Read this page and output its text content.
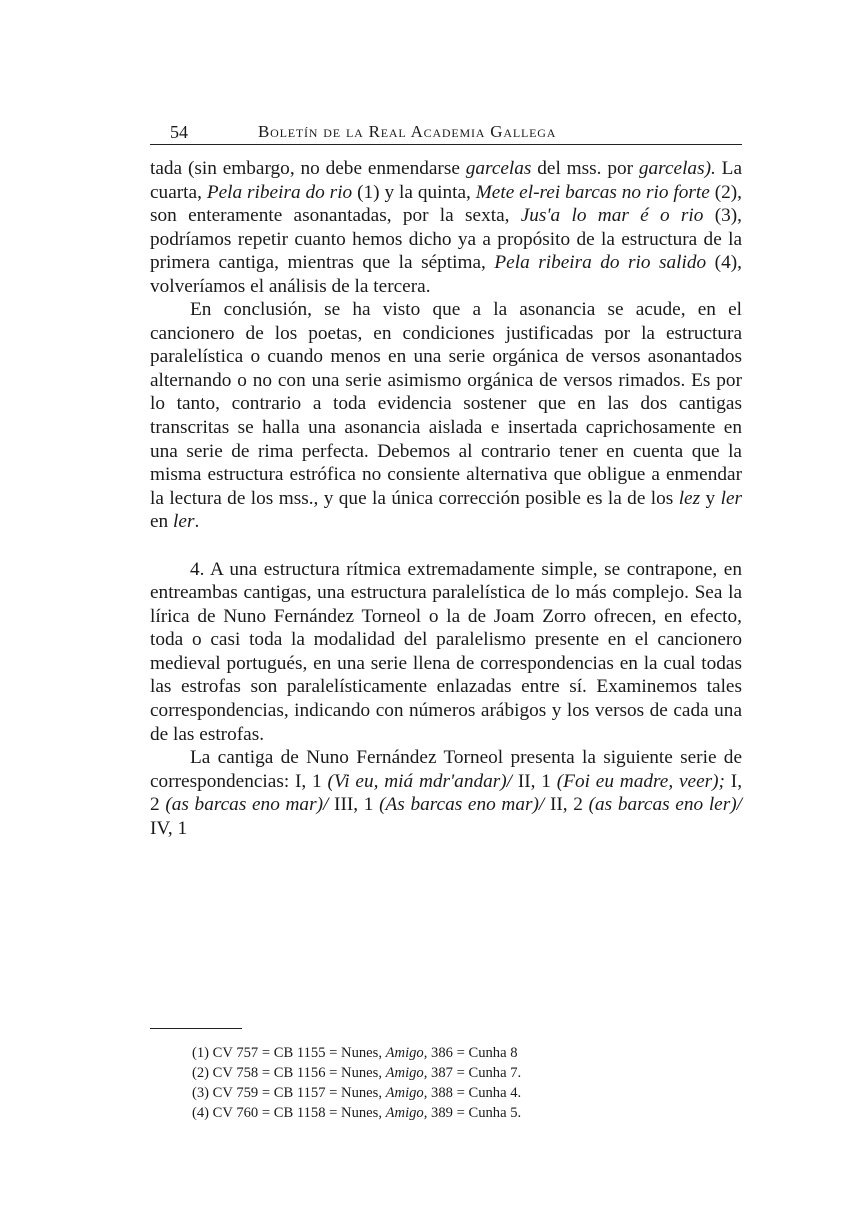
54	Boletín de la Real Academia Gallega

tada (sin embargo, no debe enmendarse garcelas del mss. por garcelas). La cuarta, Pela ribeira do rio (1) y la quinta, Mete el-rei barcas no rio forte (2), son enteramente asonantadas, por la sexta, Jus'a lo mar é o rio (3), podríamos repetir cuanto hemos dicho ya a propósito de la estructura de la primera cantiga, mientras que la séptima, Pela ribeira do rio salido (4), volveríamos el análisis de la tercera.

En conclusión, se ha visto que a la asonancia se acude, en el cancionero de los poetas, en condiciones justificadas por la estructura paralelística o cuando menos en una serie orgánica de versos asonantados alternando o no con una serie asimismo orgánica de versos rimados. Es por lo tanto, contrario a toda evidencia sostener que en las dos cantigas transcritas se halla una asonancia aislada e insertada caprichosamente en una serie de rima perfecta. Debemos al contrario tener en cuenta que la misma estructura estrófica no consiente alternativa que obligue a enmendar la lectura de los mss., y que la única corrección posible es la de los lez y ler en ler.

4. A una estructura rítmica extremadamente simple, se contrapone, en entreambas cantigas, una estructura paralelística de lo más complejo. Sea la lírica de Nuno Fernández Torneol o la de Joam Zorro ofrecen, en efecto, toda o casi toda la modalidad del paralelismo presente en el cancionero medieval portugués, en una serie llena de correspondencias en la cual todas las estrofas son paralelísticamente enlazadas entre sí. Examinemos tales correspondencias, indicando con números arábigos y los versos de cada una de las estrofas.

La cantiga de Nuno Fernández Torneol presenta la siguiente serie de correspondencias: I, 1 (Vi eu, miá mdr'andar)/ II, 1 (Foi eu madre, veer); I, 2 (as barcas eno mar)/ III, 1 (As barcas eno mar)/ II, 2 (as barcas eno ler)/ IV, 1

(1) CV 757 = CB 1155 = Nunes, Amigo, 386 = Cunha 8
(2) CV 758 = CB 1156 = Nunes, Amigo, 387 = Cunha 7.
(3) CV 759 = CB 1157 = Nunes, Amigo, 388 = Cunha 4.
(4) CV 760 = CB 1158 = Nunes, Amigo, 389 = Cunha 5.
